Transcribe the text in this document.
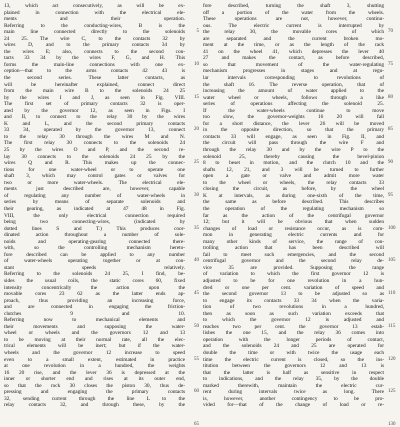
13, which act consecutively, as will be ex-
plained in connection with the electrical ele-
ments and their operation.
Referring to the conducting-wires, B is the
main line connected directly to the solenoids
24 25. The wire C, to the contacts 32 by
wires D, and to the primary contacts 34 by
the wires E; also, connects to the second con-
tacts 33 34 by the wires F, G, and H. This
forms the main-line connections with one ex-
ception—that to the arms contacts 42 43 is
the second series. These latter contacts, as
will be hereinafter explained, connect direct
from the main wire B to the solenoids 24 25
by the wires I and J, as seen in Fig. VIII.
The first set of primary contacts 32 is oper-
ated by the governor 12, as seen in Figs. I
and II, to connect to the relay 30 by the wires
K and L, and the second primary contacts
33 34, operated by the governor 13, connect
to the relay 30 through the wires M and N.
The first relay 30 connects to the solenoids 24
25 by the wires O and P, and the second re-
lay 30 connects to the solenoids 24 25 by the
wires Q and R. This makes up the connec-
tions for one water-wheel or to operate one
shaft 3, which may control gates or valves for
two or more water-wheels. The electrical ele-
ments just described are, however, capable
of regulating any number of water-wheels in
series by means of separate solenoids and
their gearing, as indicated at 47 48 in Fig.
VIII, the only electrical connection required
being two connecting-wires, (indicated by
dotted lines S and T.) This produces coor-
dinated action throughout a number of sole-
noids and operating-gearing connected there-
with, so the controlling mechanism hereto-
fore described can be applied to any number
of water-wheels operating together or at con-
stant speeds relatively.
Referring to the solenoids 24 25, I find, be-
sides the usual coils, the static cores 60, fixed
intensity concentrically the action upon the
movable cores 23 62 as the latter ends ap-
proach, thus providing an increasing force,
and are connected in engaging the friction-
clutches 9 and 10.
Referring now to mechanical elements and
their movements and supposing the water-
wheel or wheels and the governors 12 and 13
to be moving at their normal rate, all the elec-
trical elements will be inert; but if the water-
wheels and the governor 12 increase to speed
even to a small extent, estimated in practice
at one revolution in a hundred, the weights
16 20 rise, and the lever 36 is depressed at the
inner or shorter end and rises at its outer end,
so that the rock 30 closes the piston 30, thus de-
pressing and engaging the primary contacts
32, sending current through the line L to the
relay contacts 32, and through these, by the
5
10
15
20
25
30
35
40
45
50
55
60
65
fore described, turning the shaft 3, shutting
off a portion of the water from the wheels.
These operations are not, however, continu-
ous. The electric current is interrupted by
the relay 30, the movable cores of which
are separated and the current broken mo-
ment at the time, or as the length of the rack
41 on the wheel 41, which depresses the lever 40
27 and makes the contact, as before described,
so that movement of the water-regulating
mechanism progresses in stages and at regu-
lar intervals corresponding to revolutions of
the shaft 16. The reverse operation, that of
increasing the amount of water applied to the
water wheel or wheels, follows through a like
series of operations affecting the solenoid 25.
If the water-wheels continue to move
too slow, the governor-weights 16 20 will fall
for a short distance, the lever 26 will be moved
in the opposite direction, so that the primary
contacts 33 will engage, as seen in Fig. II, and
the circuit will pass through the wire F and
through the relay 30 and by the wire P to the
solenoid 25, thereby causing the bevel-pinion
8 to beset in motion, and the clutch 10 and the
shafts 12, 21, and 3 will be turned to further
open a gate or valve and admit more water
to the wheel or wheels, the relay contacts 33
closing the circuit, as before, by the wheel
K at intervals, as during one-sixth of the time,
the same as before described. This describes
the operation of the regulating mechanism so
far as the action of the centrifugal governor
12; but it will be obvious that when sudden
changes of load or resistance occur, as is com-
mon in generating electric currents and for
many other kinds of service, the range of con-
trolling action that has been described will
fail to meet such emergencies, and the second
centrifugal governor and the second relay de-
vice 35 are provided. Supposing the range
of variation to which the first governor 12 is
adjusted to be for one revolution in a hun-
dred or one per cent. variation of speed and
the second governor 13 to be adjusted so as
to engage its contacts 33 34 when the varia-
tion of two revolutions in a hundred,
then as soon as such variation exceeds that
to which the governor 12 is adjusted and
reaches two per cent. the governor 13 estab-
lishes the one 15, and the relay 36 comes into
operation with the longer periods of contact,
and the solenoids 24 and 25 are operated for
double the time or with twice the usage each
time the electric current is closed, so the ins-
titution between the governors 12 and 13 is
that the latter is half as sensitive in respect
to indications, and the relay 35, by the double
marked therewith, maintain the electric cur-
rent during intervals twice as long. There
is, however, another contingency to be pro-
vided for—that of the change of load or re-
70
75
80
85
90
95
100
105
110
115
120
125
130
